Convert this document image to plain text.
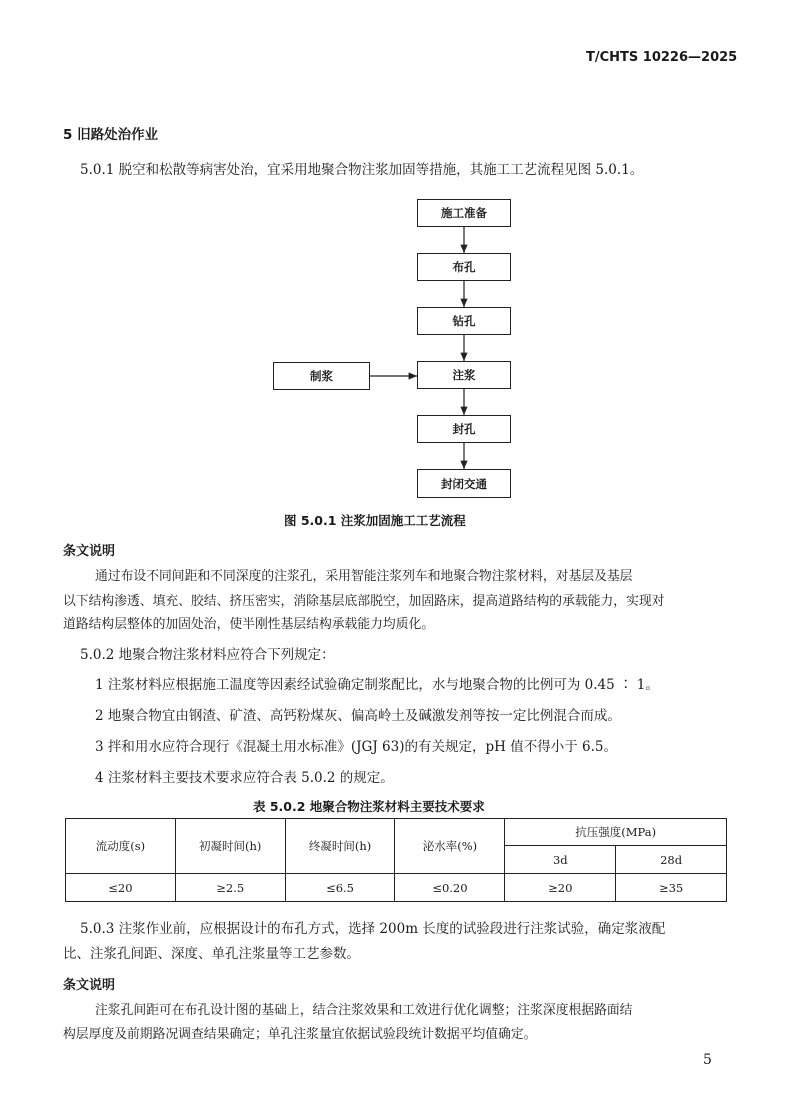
T/CHTS 10226—2025
5 旧路处治作业
5.0.1 脱空和松散等病害处治，宜采用地聚合物注浆加固等措施，其施工工艺流程见图 5.0.1。
施工准备
布孔
钻孔
制浆	注浆
封孔
封闭交通
图 5.0.1 注浆加固施工工艺流程
条文说明
通过布设不同间距和不同深度的注浆孔，采用智能注浆列车和地聚合物注浆材料，对基层及基层
以下结构渗透、填充、胶结、挤压密实，消除基层底部脱空，加固路床，提高道路结构的承载能力，实现对
道路结构层整体的加固处治，使半刚性基层结构承载能力均质化。
5.0.2 地聚合物注浆材料应符合下列规定：
1 注浆材料应根据施工温度等因素经试验确定制浆配比，水与地聚合物的比例可为 0.45 ∶ 1。
2 地聚合物宜由钢渣、矿渣、高钙粉煤灰、偏高岭土及碱激发剂等按一定比例混合而成。
3 拌和用水应符合现行《混凝土用水标准》(JGJ 63)的有关规定，pH 值不得小于 6.5。
4 注浆材料主要技术要求应符合表 5.0.2 的规定。
表 5.0.2 地聚合物注浆材料主要技术要求
流动度(s)	初凝时间(h)	终凝时间(h)	泌水率(%)	抗压强度(MPa)	
				3d	28d
≤20	≥2.5	≤6.5	≤0.20	≥20	≥35
5.0.3 注浆作业前，应根据设计的布孔方式，选择 200m 长度的试验段进行注浆试验，确定浆液配
比、注浆孔间距、深度、单孔注浆量等工艺参数。
条文说明
注浆孔间距可在布孔设计图的基础上，结合注浆效果和工效进行优化调整；注浆深度根据路面结
构层厚度及前期路况调查结果确定；单孔注浆量宜依据试验段统计数据平均值确定。
5
